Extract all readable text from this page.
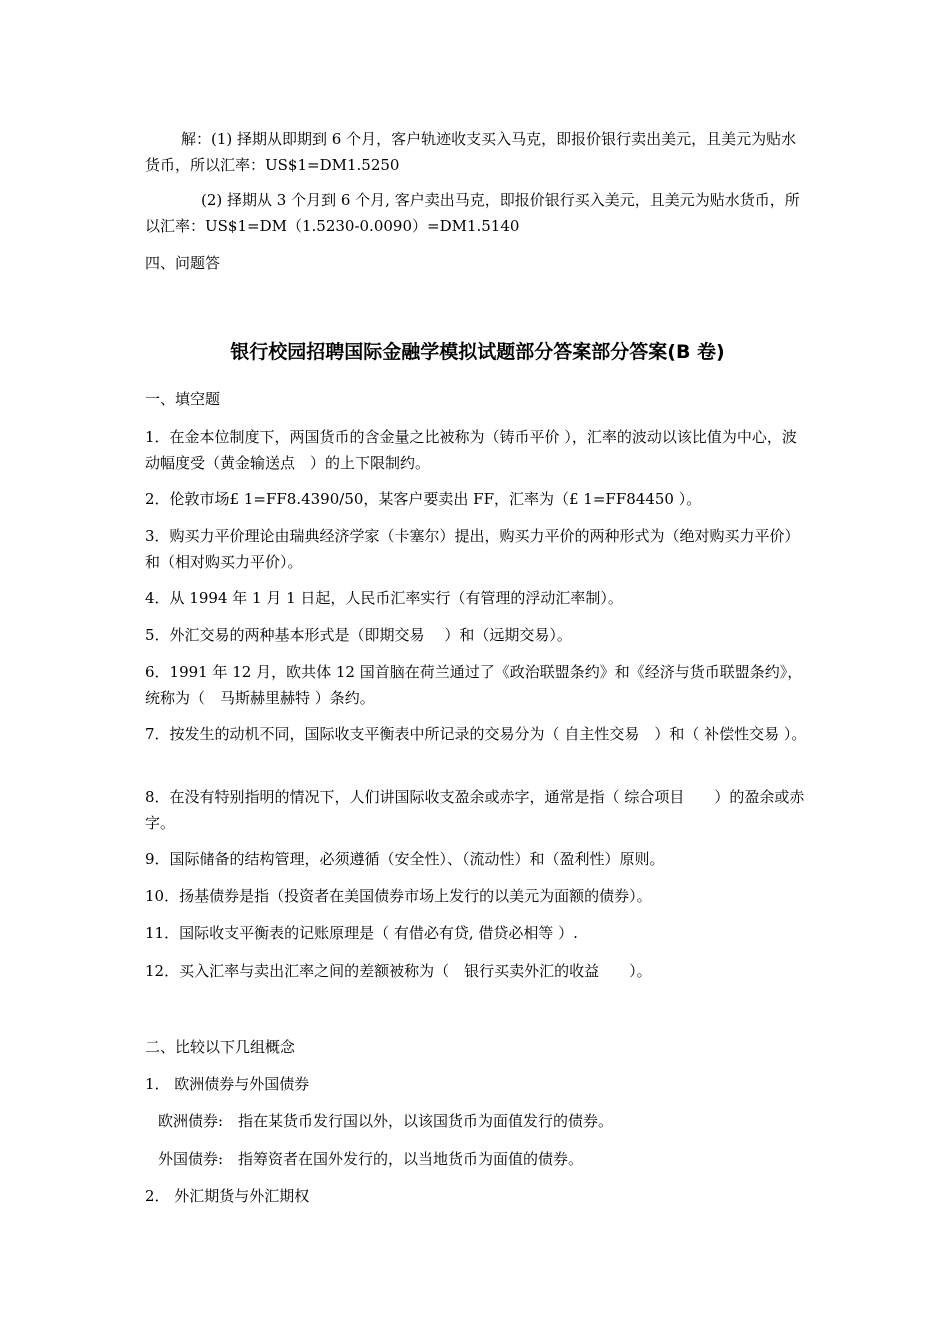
解：(1) 择期从即期到 6 个月，客户轨迹收支买入马克，即报价银行卖出美元，且美元为贴水货币，所以汇率：US$1=DM1.5250
(2) 择期从 3 个月到 6 个月, 客户卖出马克，即报价银行买入美元，且美元为贴水货币，所以汇率：US$1=DM（1.5230-0.0090）=DM1.5140
四、问题答
银行校园招聘国际金融学模拟试题部分答案部分答案(B 卷)
一、填空题
1．在金本位制度下，两国货币的含金量之比被称为（铸币平价 ），汇率的波动以该比值为中心，波动幅度受（黄金输送点　）的上下限制约。
2．伦敦市场£ 1=FF8.4390/50，某客户要卖出 FF，汇率为（£ 1=FF84450 ）。
3．购买力平价理论由瑞典经济学家（卡塞尔）提出，购买力平价的两种形式为（绝对购买力平价）和（相对购买力平价）。
4．从 1994 年 1 月 1 日起，人民币汇率实行（有管理的浮动汇率制）。
5．外汇交易的两种基本形式是（即期交易　 ）和（远期交易）。
6．1991 年 12 月，欧共体 12 国首脑在荷兰通过了《政治联盟条约》和《经济与货币联盟条约》，统称为（　马斯赫里赫特 ）条约。
7．按发生的动机不同，国际收支平衡表中所记录的交易分为（ 自主性交易　）和（ 补偿性交易 ）。
8．在没有特别指明的情况下，人们讲国际收支盈余或赤字，通常是指（ 综合项目　　）的盈余或赤字。
9．国际储备的结构管理，必须遵循（安全性）、（流动性）和（盈利性）原则。
10．扬基债券是指（投资者在美国债券市场上发行的以美元为面额的债券）。
11．国际收支平衡表的记账原理是（ 有借必有贷, 借贷必相等 ）.
12．买入汇率与卖出汇率之间的差额被称为（　银行买卖外汇的收益　　）。
二、比较以下几组概念
1． 欧洲债券与外国债券
欧洲债券:　指在某货币发行国以外，以该国货币为面值发行的债券。
外国债券:　指筹资者在国外发行的，以当地货币为面值的债券。
2． 外汇期货与外汇期权
